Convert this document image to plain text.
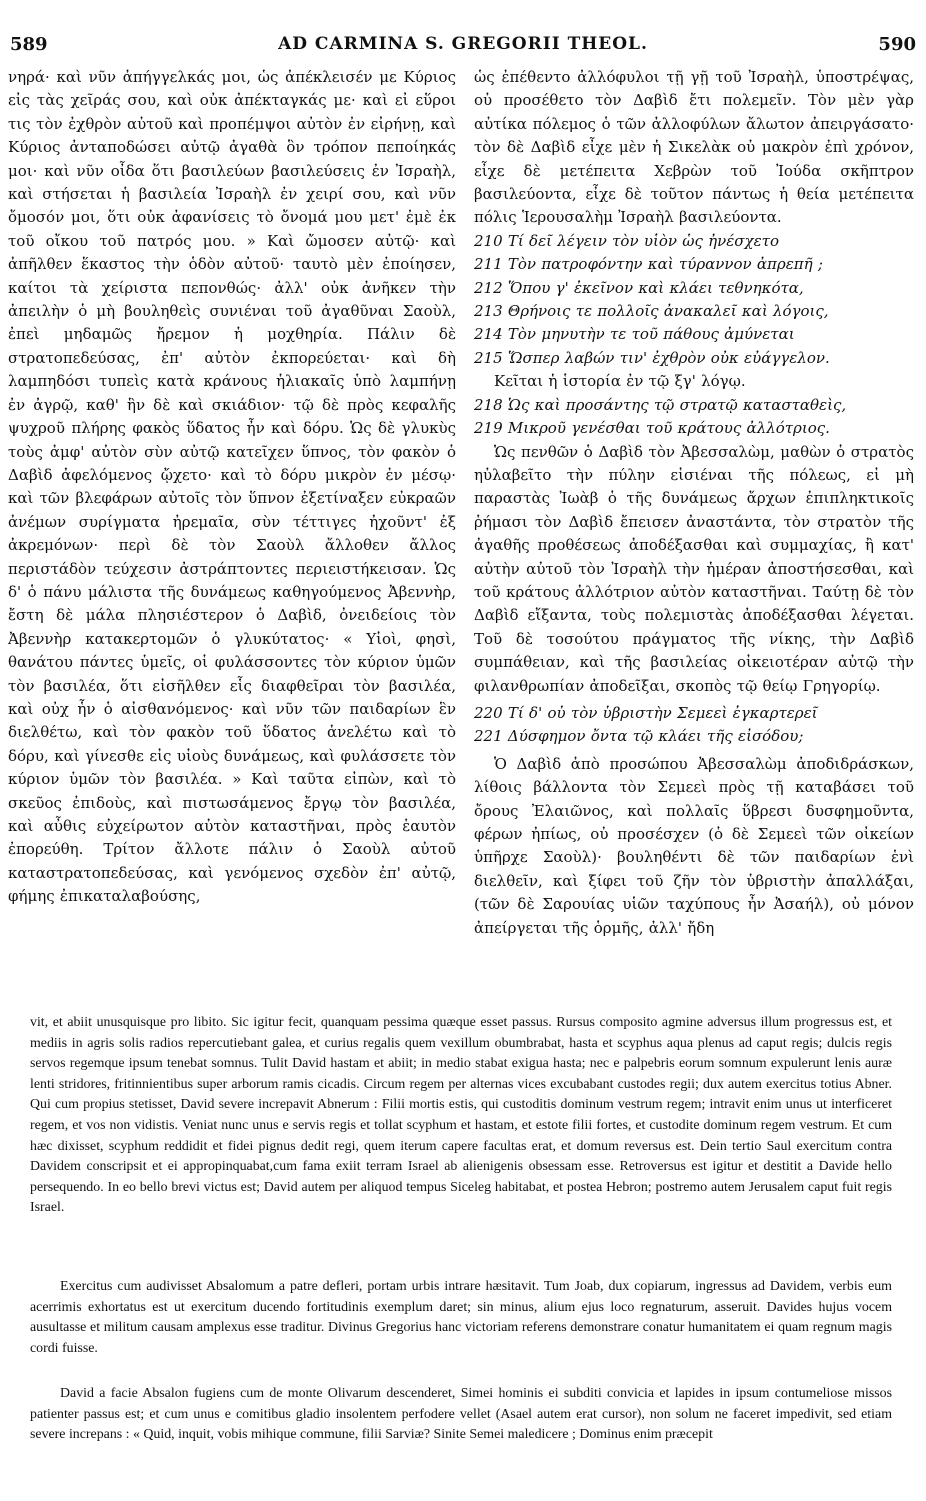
589	AD CARMINA S. GREGORII THEOL.	590

νηρά· καὶ νῦν ἀπήγγελκάς μοι, ὡς ἀπέκλεισέν με Κύριος εἰς τὰς χεῖράς σου, καὶ οὐκ ἀπέκταγκάς με· καὶ εἰ εὕροι τις τὸν ἐχθρὸν αὐτοῦ καὶ προπέμψοι αὐτὸν ἐν εἰρήνῃ, καὶ Κύριος ἀνταποδώσει αὐτῷ ἀγαθὰ ὃν τρόπον πεποίηκάς μοι· καὶ νῦν οἶδα ὅτι βασιλεύων βασιλεύσεις ἐν Ἰσραὴλ, καὶ στήσεται ἡ βασιλεία Ἰσραὴλ ἐν χειρί σου, καὶ νῦν ὄμοσόν μοι, ὅτι οὐκ ἀφανίσεις τὸ ὄνομά μου μετ' ἐμὲ ἐκ τοῦ οἴκου τοῦ πατρός μου. » Καὶ ὤμοσεν αὐτῷ· καὶ ἀπῆλθεν ἕκαστος τὴν ὁδὸν αὐτοῦ· ταυτὸ μὲν ἐποίησεν, καίτοι τὰ χείριστα πεπονθώς· ἀλλ' οὐκ ἀνῆκεν τὴν ἀπειλὴν ὁ μὴ βουληθεὶς συνιέναι τοῦ ἀγαθῦναι Σαοὺλ, ἐπεὶ μηδαμῶς ἤρεμον ἡ μοχθηρία. Πάλιν δὲ στρατοπεδεύσας, ἐπ' αὐτὸν ἐκπορεύεται· καὶ δὴ λαμπηδόσι τυπεὶς κατὰ κράνους ἡλιακαῖς ὑπὸ λαμπήνῃ ἐν ἀγρῷ, καθ' ἣν δὲ καὶ σκιάδιον· τῷ δὲ πρὸς κεφαλῆς ψυχροῦ πλήρης φακὸς ὕδατος ἦν καὶ δόρυ. Ὡς δὲ γλυκὺς τοὺς ἀμφ' αὐτὸν σὺν αὐτῷ κατεῖχεν ὕπνος, τὸν φακὸν ὁ Δαβὶδ ἀφελόμενος ᾤχετο· καὶ τὸ δόρυ μικρὸν ἐν μέσῳ· καὶ τῶν βλεφάρων αὐτοῖς τὸν ὕπνον ἐξετίναξεν εὐκραῶν ἀνέμων συρίγματα ἠρεμαῖα, σὺν τέττιγες ἠχοῦντ' ἐξ ἀκρεμόνων· περὶ δὲ τὸν Σαοὺλ ἄλλοθεν ἄλλος περιστάδὸν τεύχεσιν ἀστράπτοντες περιειστήκεισαν. Ὡς δ' ὁ πάνυ μάλιστα τῆς δυνάμεως καθηγούμενος Ἀβεννὴρ, ἔστη δὲ μάλα πλησιέστερον ὁ Δαβὶδ, ὀνειδείοις τὸν Ἀβεννὴρ κατακερτομῶν ὁ γλυκύτατος· « Υἱοὶ, φησὶ, θανάτου πάντες ὑμεῖς, οἱ φυλάσσοντες τὸν κύριον ὑμῶν τὸν βασιλέα, ὅτι εἰσῆλθεν εἷς διαφθεῖραι τὸν βασιλέα, καὶ οὐχ ἧν ὁ αἰσθανόμενος· καὶ νῦν τῶν παιδαρίων ἓν διελθέτω, καὶ τὸν φακὸν τοῦ ὕδατος ἀνελέτω καὶ τὸ δόρυ, καὶ γίνεσθε εἰς υἱοὺς δυνάμεως, καὶ φυλάσσετε τὸν κύριον ὑμῶν τὸν βασιλέα. » Καὶ ταῦτα εἰπὼν, καὶ τὸ σκεῦος ἐπιδοὺς, καὶ πιστωσάμενος ἔργῳ τὸν βασιλέα, καὶ αὖθις εὐχείρωτον αὐτὸν καταστῆναι, πρὸς ἑαυτὸν ἐπορεύθη. Τρίτον ἄλλοτε πάλιν ὁ Σαοὺλ αὐτοῦ καταστρατοπεδεύσας, καὶ γενόμενος σχεδὸν ἐπ' αὐτῷ, φήμης ἐπικαταλαβούσης,

ὡς ἐπέθεντο ἀλλόφυλοι τῇ γῇ τοῦ Ἰσραὴλ, ὑποστρέψας, οὐ προσέθετο τὸν Δαβὶδ ἔτι πολεμεῖν. Τὸν μὲν γὰρ αὐτίκα πόλεμος ὁ τῶν ἀλλοφύλων ἄλωτον ἀπειργάσατο· τὸν δὲ Δαβὶδ εἶχε μὲν ἡ Σικελὰκ οὐ μακρὸν ἐπὶ χρόνον, εἶχε δὲ μετέπειτα Χεβρὼν τοῦ Ἰούδα σκῆπτρον βασιλεύοντα, εἶχε δὲ τοῦτον πάντως ἡ θεία μετέπειτα πόλις Ἱερουσαλὴμ Ἰσραὴλ βασιλεύοντα.

210 Τί δεῖ λέγειν τὸν υἱὸν ὡς ἠνέσχετο

211 Τὸν πατροφόντην καὶ τύραννον ἀπρεπῆ ;

212 Ὅπου γ' ἐκεῖνον καὶ κλάει τεθνηκότα,

213 Θρήνοις τε πολλοῖς ἀνακαλεῖ καὶ λόγοις,

214 Τὸν μηνυτὴν τε τοῦ πάθους ἀμύνεται

215 Ὥσπερ λαβών τιν' ἐχθρὸν οὐκ εὐάγγελον.

Κεῖται ἡ ἱστορία ἐν τῷ ξγ' λόγῳ.

218 Ὡς καὶ προσάντης τῷ στρατῷ κατασταθεὶς,

219 Μικροῦ γενέσθαι τοῦ κράτους ἀλλότριος.

Ὡς πενθῶν ὁ Δαβὶδ τὸν Ἀβεσσαλὼμ, μαθὼν ὁ στρατὸς ηὐλαβεῖτο τὴν πύλην εἰσιέναι τῆς πόλεως, εἰ μὴ παραστὰς Ἰωὰβ ὁ τῆς δυνάμεως ἄρχων ἐπιπληκτικοῖς ῥήμασι τὸν Δαβὶδ ἔπεισεν ἀναστάντα, τὸν στρατὸν τῆς ἀγαθῆς προθέσεως ἀποδέξασθαι καὶ συμμαχίας, ἢ κατ' αὐτὴν αὐτοῦ τὸν Ἰσραὴλ τὴν ἡμέραν ἀποστήσεσθαι, καὶ τοῦ κράτους ἀλλότριον αὐτὸν καταστῆναι. Ταύτῃ δὲ τὸν Δαβὶδ εἴξαντα, τοὺς πολεμιστὰς ἀποδέξασθαι λέγεται. Τοῦ δὲ τοσούτου πράγματος τῆς νίκης, τὴν Δαβὶδ συμπάθειαν, καὶ τῆς βασιλείας οἰκειοτέραν αὐτῷ τὴν φιλανθρωπίαν ἀποδεῖξαι, σκοπὸς τῷ θείῳ Γρηγορίῳ.

220 Τί δ' οὐ τὸν ὑβριστὴν Σεμεεὶ ἐγκαρτερεῖ

221 Δύσφημον ὄντα τῷ κλάει τῆς εἰσόδου;

Ὁ Δαβὶδ ἀπὸ προσώπου Ἀβεσσαλὼμ ἀποδιδράσκων, λίθοις βάλλοντα τὸν Σεμεεὶ πρὸς τῇ καταβάσει τοῦ ὄρους Ἐλαιῶνος, καὶ πολλαῖς ὕβρεσι δυσφημοῦντα, φέρων ἠπίως, οὐ προσέσχεν (ὁ δὲ Σεμεεὶ τῶν οἰκείων ὑπῆρχε Σαοὺλ)· βουληθέντι δὲ τῶν παιδαρίων ἑνὶ διελθεῖν, καὶ ξίφει τοῦ ζῆν τὸν ὑβριστὴν ἀπαλλάξαι, (τῶν δὲ Σαρουίας υἱῶν ταχύπους ἦν Ἀσαήλ), οὐ μόνον ἀπείργεται τῆς ὁρμῆς, ἀλλ' ἤδη

vit, et abiit unusquisque pro libito. Sic igitur fecit, quanquam pessima quæque esset passus. Rursus composito agmine adversus illum progressus est, et mediis in agris solis radios repercutiebant galea, et curius regalis quem vexillum obumbrabat, hasta et scyphus aqua plenus ad caput regis; dulcis regis servos regemque ipsum tenebat somnus. Tulit David hastam et abiit; in medio stabat exigua hasta; nec e palpebris eorum somnum expulerunt lenis auræ lenti stridores, fritinnientibus super arborum ramis cicadis. Circum regem per alternas vices excubabant custodes regii; dux autem exercitus totius Abner. Qui cum propius stetisset, David severe increpavit Abnerum : Filii mortis estis, qui custoditis dominum vestrum regem; intravit enim unus ut interficeret regem, et vos non vidistis. Veniat nunc unus e servis regis et tollat scyphum et hastam, et estote filii fortes, et custodite dominum regem vestrum. Et cum hæc dixisset, scyphum reddidit et fidei pignus dedit regi, quem iterum capere facultas erat, et domum reversus est. Dein tertio Saul exercitum contra Davidem conscripsit et ei appropinquabat,cum fama exiit terram Israel ab alienigenis obsessam esse. Retroversus est igitur et destitit a Davide hello persequendo. In eo bello brevi victus est; David autem per aliquod tempus Siceleg habitabat, et postea Hebron; postremo autem Jerusalem caput fuit regis Israel.

Exercitus cum audivisset Absalomum a patre defleri, portam urbis intrare hæsitavit. Tum Joab, dux copiarum, ingressus ad Davidem, verbis eum acerrimis exhortatus est ut exercitum ducendo fortitudinis exemplum daret; sin minus, alium ejus loco regnaturum, asseruit. Davides hujus vocem ausultasse et militum causam amplexus esse traditur. Divinus Gregorius hanc victoriam referens demonstrare conatur humanitatem ei quam regnum magis cordi fuisse.

David a facie Absalon fugiens cum de monte Olivarum descenderet, Simei hominis ei subditi convicia et lapides in ipsum contumeliose missos patienter passus est; et cum unus e comitibus gladio insolentem perfodere vellet (Asael autem erat cursor), non solum ne faceret impedivit, sed etiam severe increpans : « Quid, inquit, vobis mihique commune, filii Sarviæ? Sinite Semei maledicere ; Dominus enim præcepit
